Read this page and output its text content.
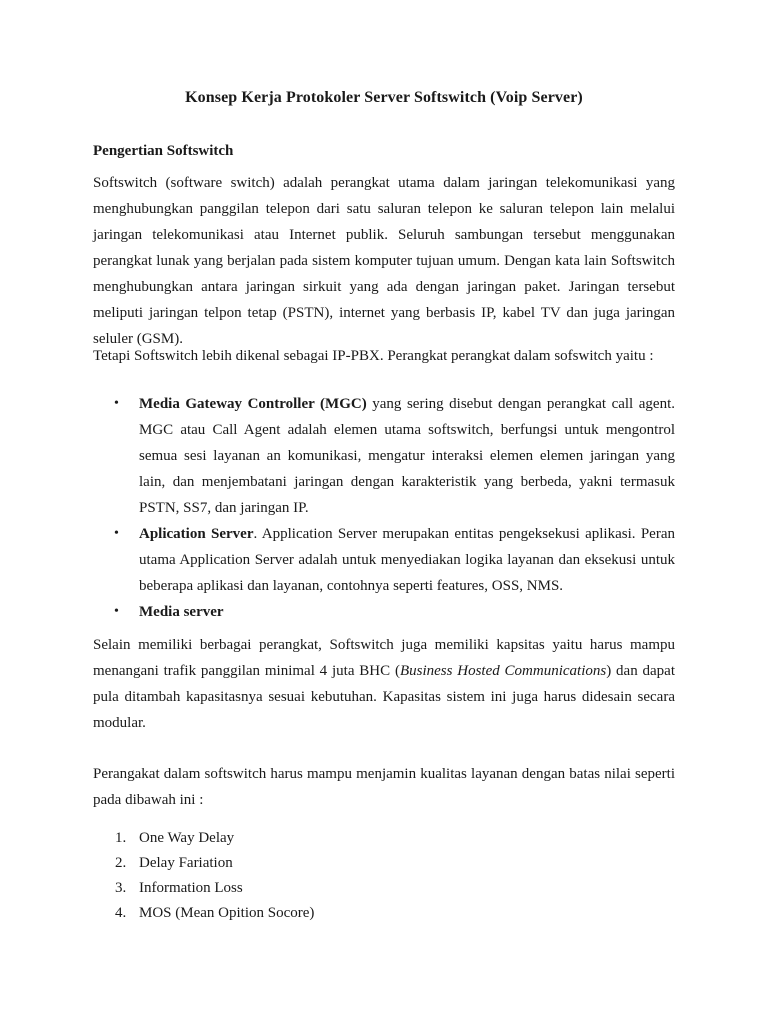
Konsep Kerja Protokoler Server Softswitch (Voip Server)
Pengertian Softswitch
Softswitch (software switch) adalah perangkat utama dalam jaringan telekomunikasi yang menghubungkan panggilan telepon dari satu saluran telepon ke saluran telepon lain melalui jaringan telekomunikasi atau Internet publik. Seluruh sambungan tersebut menggunakan perangkat lunak yang berjalan pada sistem komputer tujuan umum. Dengan kata lain Softswitch menghubungkan antara jaringan sirkuit yang ada dengan jaringan paket. Jaringan tersebut meliputi jaringan telpon tetap (PSTN), internet yang berbasis IP, kabel TV dan juga jaringan seluler (GSM).
Tetapi Softswitch lebih dikenal sebagai IP-PBX. Perangkat perangkat dalam sofswitch yaitu :
• Media Gateway Controller (MGC) yang sering disebut dengan perangkat call agent. MGC atau Call Agent adalah elemen utama softswitch, berfungsi untuk mengontrol semua sesi layanan an komunikasi, mengatur interaksi elemen elemen jaringan yang lain, dan menjembatani jaringan dengan karakteristik yang berbeda, yakni termasuk PSTN, SS7, dan jaringan IP.
• Aplication Server. Application Server merupakan entitas pengeksekusi aplikasi. Peran utama Application Server adalah untuk menyediakan logika layanan dan eksekusi untuk beberapa aplikasi dan layanan, contohnya seperti features, OSS, NMS.
• Media server
Selain memiliki berbagai perangkat, Softswitch juga memiliki kapsitas yaitu harus mampu menangani trafik panggilan minimal 4 juta BHC (Business Hosted Communications) dan dapat pula ditambah kapasitasnya sesuai kebutuhan. Kapasitas sistem ini juga harus didesain secara modular.
Perangakat dalam softswitch harus mampu menjamin kualitas layanan dengan batas nilai seperti pada dibawah ini :
1. One Way Delay
2. Delay Fariation
3. Information Loss
4. MOS (Mean Opition Socore)
